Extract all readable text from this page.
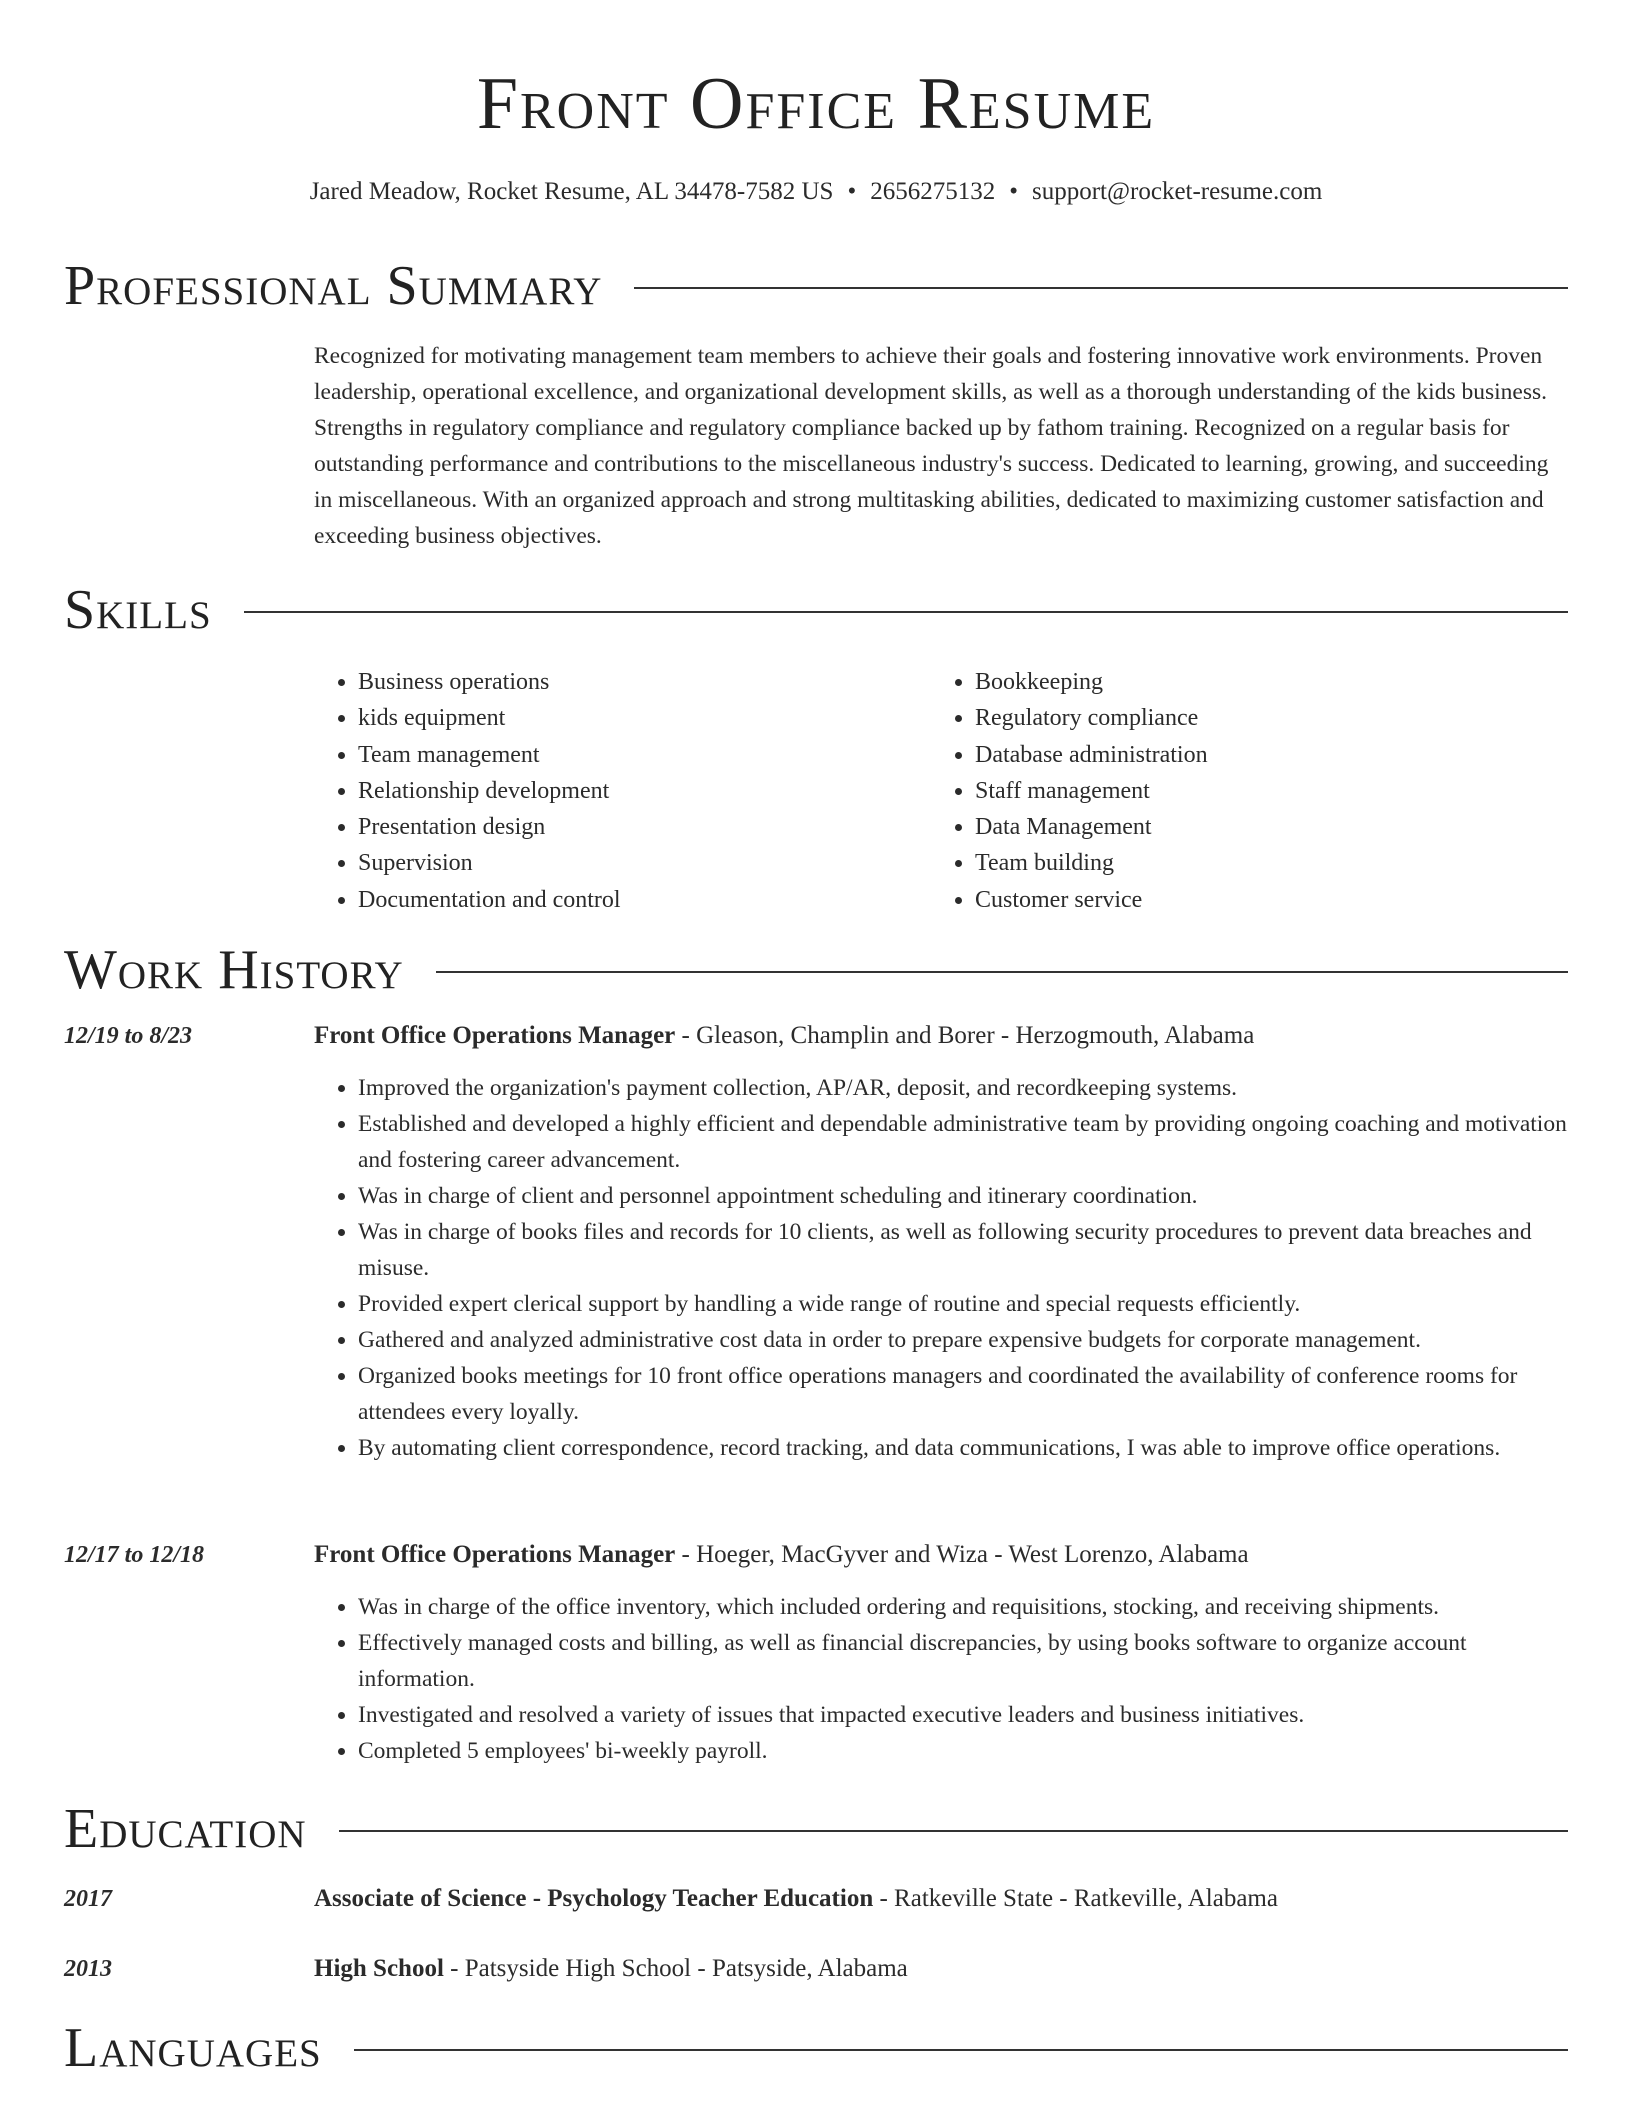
Front Office Resume
Jared Meadow, Rocket Resume, AL 34478-7582 US • 2656275132 • support@rocket-resume.com
Professional Summary
Recognized for motivating management team members to achieve their goals and fostering innovative work environments. Proven leadership, operational excellence, and organizational development skills, as well as a thorough understanding of the kids business. Strengths in regulatory compliance and regulatory compliance backed up by fathom training. Recognized on a regular basis for outstanding performance and contributions to the miscellaneous industry's success. Dedicated to learning, growing, and succeeding in miscellaneous. With an organized approach and strong multitasking abilities, dedicated to maximizing customer satisfaction and exceeding business objectives.
Skills
• Business operations
• kids equipment
• Team management
• Relationship development
• Presentation design
• Supervision
• Documentation and control
• Bookkeeping
• Regulatory compliance
• Database administration
• Staff management
• Data Management
• Team building
• Customer service
Work History
12/19 to 8/23	Front Office Operations Manager - Gleason, Champlin and Borer - Herzogmouth, Alabama
• Improved the organization's payment collection, AP/AR, deposit, and recordkeeping systems.
• Established and developed a highly efficient and dependable administrative team by providing ongoing coaching and motivation and fostering career advancement.
• Was in charge of client and personnel appointment scheduling and itinerary coordination.
• Was in charge of books files and records for 10 clients, as well as following security procedures to prevent data breaches and misuse.
• Provided expert clerical support by handling a wide range of routine and special requests efficiently.
• Gathered and analyzed administrative cost data in order to prepare expensive budgets for corporate management.
• Organized books meetings for 10 front office operations managers and coordinated the availability of conference rooms for attendees every loyally.
• By automating client correspondence, record tracking, and data communications, I was able to improve office operations.
12/17 to 12/18	Front Office Operations Manager - Hoeger, MacGyver and Wiza - West Lorenzo, Alabama
• Was in charge of the office inventory, which included ordering and requisitions, stocking, and receiving shipments.
• Effectively managed costs and billing, as well as financial discrepancies, by using books software to organize account information.
• Investigated and resolved a variety of issues that impacted executive leaders and business initiatives.
• Completed 5 employees' bi-weekly payroll.
Education
2017	Associate of Science - Psychology Teacher Education - Ratkeville State - Ratkeville, Alabama
2013	High School - Patsyside High School - Patsyside, Alabama
Languages
